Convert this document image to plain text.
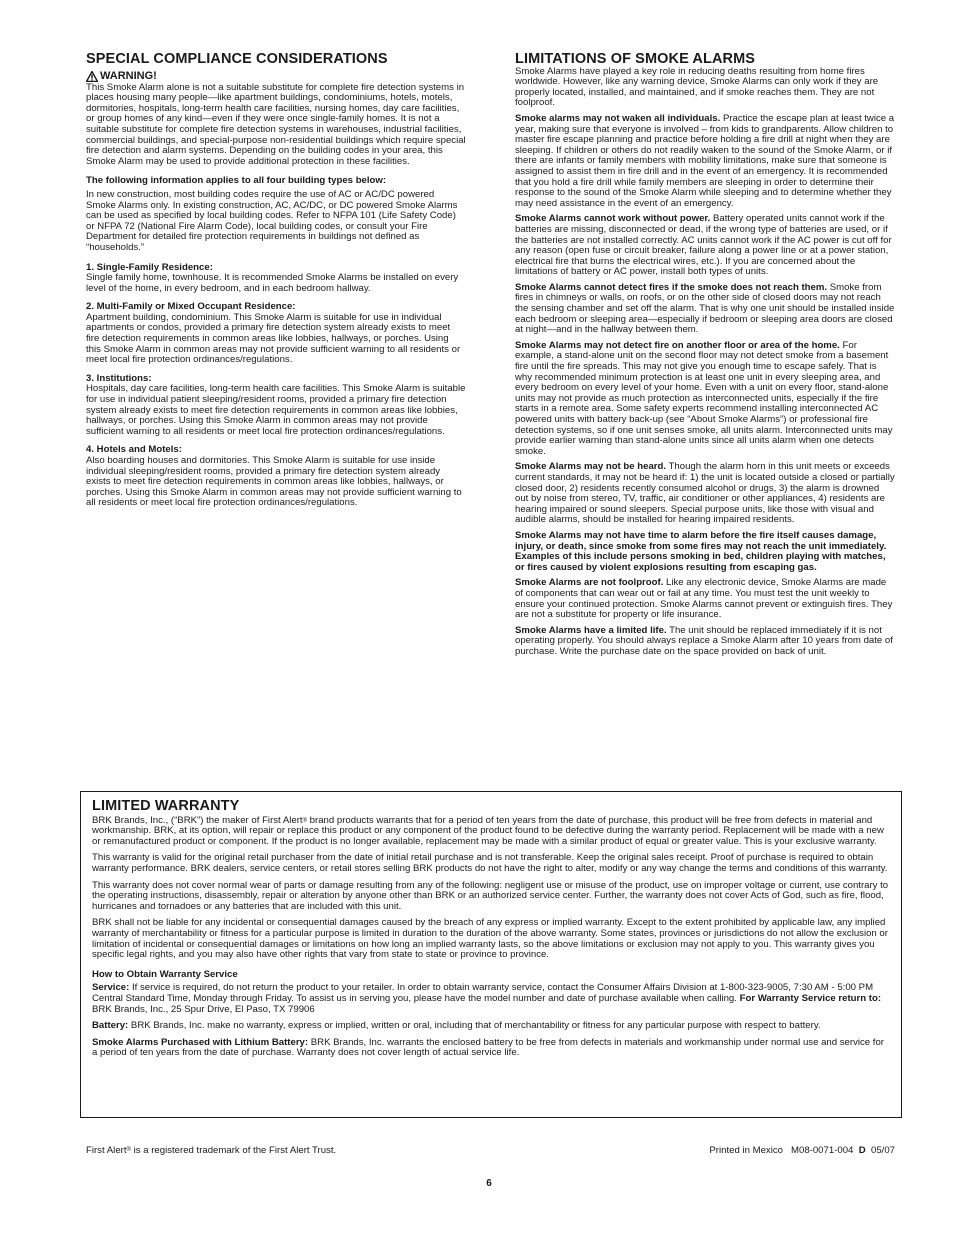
SPECIAL COMPLIANCE CONSIDERATIONS
WARNING!

This Smoke Alarm alone is not a suitable substitute for complete fire detection systems in places housing many people—like apartment buildings, condominiums, hotels, motels, dormitories, hospitals, long-term health care facilities, nursing homes, day care facilities, or group homes of any kind—even if they were once single-family homes. It is not a suitable substitute for complete fire detection systems in warehouses, industrial facilities, commercial buildings, and special-purpose non-residential buildings which require special fire detection and alarm systems. Depending on the building codes in your area, this Smoke Alarm may be used to provide additional protection in these facilities.

The following information applies to all four building types below:

In new construction, most building codes require the use of AC or AC/DC powered Smoke Alarms only. In existing construction, AC, AC/DC, or DC powered Smoke Alarms can be used as specified by local building codes. Refer to NFPA 101 (Life Safety Code) or NFPA 72 (National Fire Alarm Code), local building codes, or consult your Fire Department for detailed fire protection requirements in buildings not defined as “households.”

1. Single-Family Residence:

Single family home, townhouse. It is recommended Smoke Alarms be installed on every level of the home, in every bedroom, and in each bedroom hallway.

2. Multi-Family or Mixed Occupant Residence:

Apartment building, condominium. This Smoke Alarm is suitable for use in individual apartments or condos, provided a primary fire detection system already exists to meet fire detection requirements in common areas like lobbies, hallways, or porches. Using this Smoke Alarm in common areas may not provide sufficient warning to all residents or meet local fire protection ordinances/regulations.

3. Institutions:

Hospitals, day care facilities, long-term health care facilities. This Smoke Alarm is suitable for use in individual patient sleeping/resident rooms, provided a primary fire detection system already exists to meet fire detection requirements in common areas like lobbies, hallways, or porches. Using this Smoke Alarm in common areas may not provide sufficient warning to all residents or meet local fire protection ordinances/regulations.

4. Hotels and Motels:

Also boarding houses and dormitories. This Smoke Alarm is suitable for use inside individual sleeping/resident rooms, provided a primary fire detection system already exists to meet fire detection requirements in common areas like lobbies, hallways, or porches. Using this Smoke Alarm in common areas may not provide sufficient warning to all residents or meet local fire protection ordinances/regulations.

LIMITATIONS OF SMOKE ALARMS

Smoke Alarms have played a key role in reducing deaths resulting from home fires worldwide. However, like any warning device, Smoke Alarms can only work if they are properly located, installed, and maintained, and if smoke reaches them. They are not foolproof.

Smoke alarms may not waken all individuals. Practice the escape plan at least twice a year, making sure that everyone is involved – from kids to grandparents. Allow children to master fire escape planning and practice before holding a fire drill at night when they are sleeping. If children or others do not readily waken to the sound of the Smoke Alarm, or if there are infants or family members with mobility limitations, make sure that someone is assigned to assist them in fire drill and in the event of an emergency. It is recommended that you hold a fire drill while family members are sleeping in order to determine their response to the sound of the Smoke Alarm while sleeping and to determine whether they may need assistance in the event of an emergency.

Smoke Alarms cannot work without power. Battery operated units cannot work if the batteries are missing, disconnected or dead, if the wrong type of batteries are used, or if the batteries are not installed correctly. AC units cannot work if the AC power is cut off for any reason (open fuse or circuit breaker, failure along a power line or at a power station, electrical fire that burns the electrical wires, etc.). If you are concerned about the limitations of battery or AC power, install both types of units.

Smoke Alarms cannot detect fires if the smoke does not reach them. Smoke from fires in chimneys or walls, on roofs, or on the other side of closed doors may not reach the sensing chamber and set off the alarm. That is why one unit should be installed inside each bedroom or sleeping area—especially if bedroom or sleeping area doors are closed at night—and in the hallway between them.

Smoke Alarms may not detect fire on another floor or area of the home. For example, a stand-alone unit on the second floor may not detect smoke from a basement fire until the fire spreads. This may not give you enough time to escape safely. That is why recommended minimum protection is at least one unit in every sleeping area, and every bedroom on every level of your home. Even with a unit on every floor, stand-alone units may not provide as much protection as interconnected units, especially if the fire starts in a remote area. Some safety experts recommend installing interconnected AC powered units with battery back-up (see “About Smoke Alarms”) or professional fire detection systems, so if one unit senses smoke, all units alarm. Interconnected units may provide earlier warning than stand-alone units since all units alarm when one detects smoke.

Smoke Alarms may not be heard. Though the alarm horn in this unit meets or exceeds current standards, it may not be heard if: 1) the unit is located outside a closed or partially closed door, 2) residents recently consumed alcohol or drugs, 3) the alarm is drowned out by noise from stereo, TV, traffic, air conditioner or other appliances, 4) residents are hearing impaired or sound sleepers. Special purpose units, like those with visual and audible alarms, should be installed for hearing impaired residents.

Smoke Alarms may not have time to alarm before the fire itself causes damage, injury, or death, since smoke from some fires may not reach the unit immediately. Examples of this include persons smoking in bed, children playing with matches, or fires caused by violent explosions resulting from escaping gas.

Smoke Alarms are not foolproof. Like any electronic device, Smoke Alarms are made of components that can wear out or fail at any time. You must test the unit weekly to ensure your continued protection. Smoke Alarms cannot prevent or extinguish fires. They are not a substitute for property or life insurance.

Smoke Alarms have a limited life. The unit should be replaced immediately if it is not operating properly. You should always replace a Smoke Alarm after 10 years from date of purchase. Write the purchase date on the space provided on back of unit.

LIMITED WARRANTY

BRK Brands, Inc., (“BRK”) the maker of First Alert® brand products warrants that for a period of ten years from the date of purchase, this product will be free from defects in material and workmanship. BRK, at its option, will repair or replace this product or any component of the product found to be defective during the warranty period. Replacement will be made with a new or remanufactured product or component. If the product is no longer available, replacement may be made with a similar product of equal or greater value. This is your exclusive warranty.

This warranty is valid for the original retail purchaser from the date of initial retail purchase and is not transferable. Keep the original sales receipt. Proof of purchase is required to obtain warranty performance. BRK dealers, service centers, or retail stores selling BRK products do not have the right to alter, modify or any way change the terms and conditions of this warranty.

This warranty does not cover normal wear of parts or damage resulting from any of the following: negligent use or misuse of the product, use on improper voltage or current, use contrary to the operating instructions, disassembly, repair or alteration by anyone other than BRK or an authorized service center. Further, the warranty does not cover Acts of God, such as fire, flood, hurricanes and tornadoes or any batteries that are included with this unit.

BRK shall not be liable for any incidental or consequential damages caused by the breach of any express or implied warranty. Except to the extent prohibited by applicable law, any implied warranty of merchantability or fitness for a particular purpose is limited in duration to the duration of the above warranty. Some states, provinces or jurisdictions do not allow the exclusion or limitation of incidental or consequential damages or limitations on how long an implied warranty lasts, so the above limitations or exclusion may not apply to you. This warranty gives you specific legal rights, and you may also have other rights that vary from state to state or province to province.

How to Obtain Warranty Service

Service: If service is required, do not return the product to your retailer. In order to obtain warranty service, contact the Consumer Affairs Division at 1-800-323-9005, 7:30 AM - 5:00 PM Central Standard Time, Monday through Friday. To assist us in serving you, please have the model number and date of purchase available when calling. For Warranty Service return to: BRK Brands, Inc., 25 Spur Drive, El Paso, TX 79906

Battery: BRK Brands, Inc. make no warranty, express or implied, written or oral, including that of merchantability or fitness for any particular purpose with respect to battery.

Smoke Alarms Purchased with Lithium Battery: BRK Brands, Inc. warrants the enclosed battery to be free from defects in materials and workmanship under normal use and service for a period of ten years from the date of purchase. Warranty does not cover length of actual service life.

First Alert® is a registered trademark of the First Alert Trust.	Printed in Mexico   M08-0071-004  D  05/07
6
